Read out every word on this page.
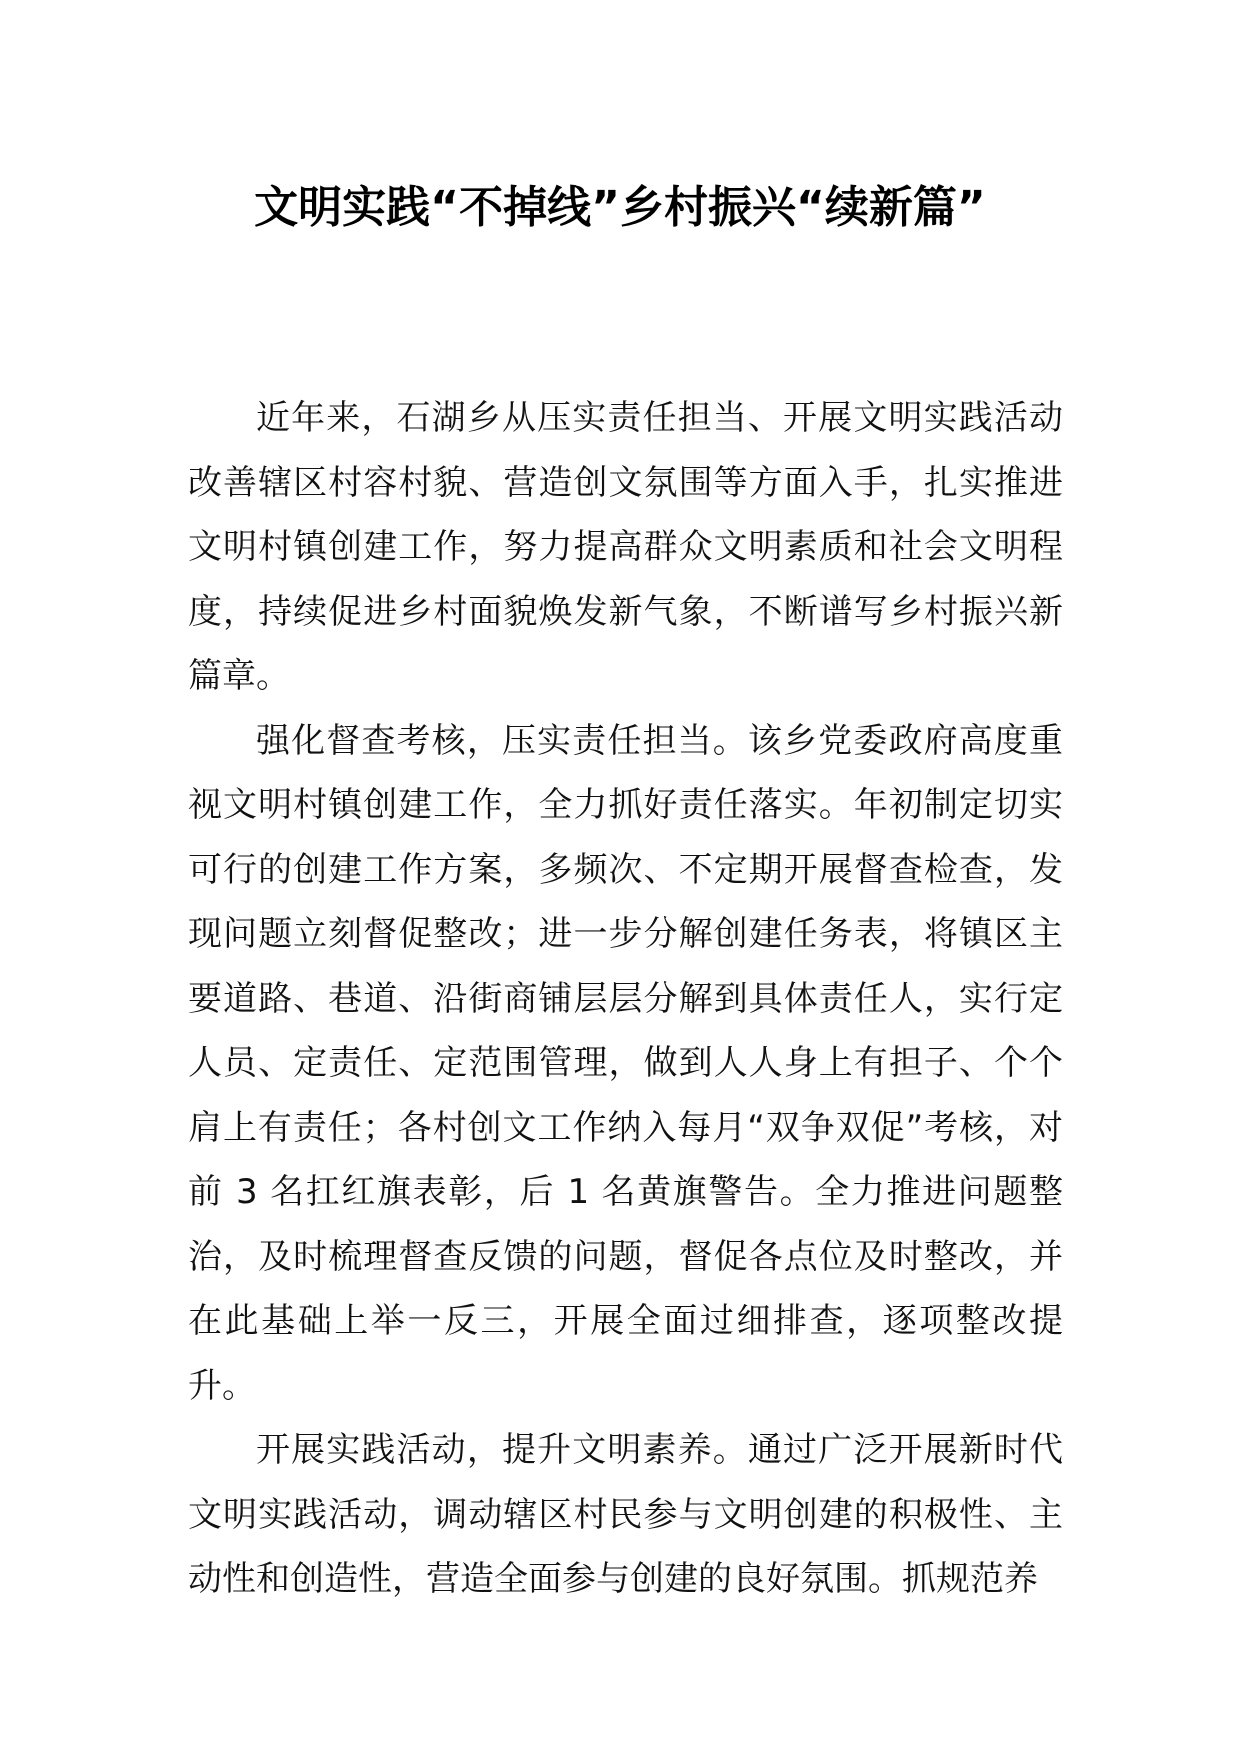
文明实践“不掉线”乡村振兴“续新篇”

近年来，石湖乡从压实责任担当、开展文明实践活动改善辖区村容村貌、营造创文氛围等方面入手，扎实推进文明村镇创建工作，努力提高群众文明素质和社会文明程度，持续促进乡村面貌焕发新气象，不断谱写乡村振兴新篇章。

强化督查考核，压实责任担当。该乡党委政府高度重视文明村镇创建工作，全力抓好责任落实。年初制定切实可行的创建工作方案，多频次、不定期开展督查检查，发现问题立刻督促整改；进一步分解创建任务表，将镇区主要道路、巷道、沿街商铺层层分解到具体责任人，实行定人员、定责任、定范围管理，做到人人身上有担子、个个肩上有责任；各村创文工作纳入每月“双争双促”考核，对前 3 名扛红旗表彰，后 1 名黄旗警告。全力推进问题整治，及时梳理督查反馈的问题，督促各点位及时整改，并在此基础上举一反三，开展全面过细排查，逐项整改提升。

开展实践活动，提升文明素养。通过广泛开展新时代文明实践活动，调动辖区村民参与文明创建的积极性、主动性和创造性，营造全面参与创建的良好氛围。抓规范养
